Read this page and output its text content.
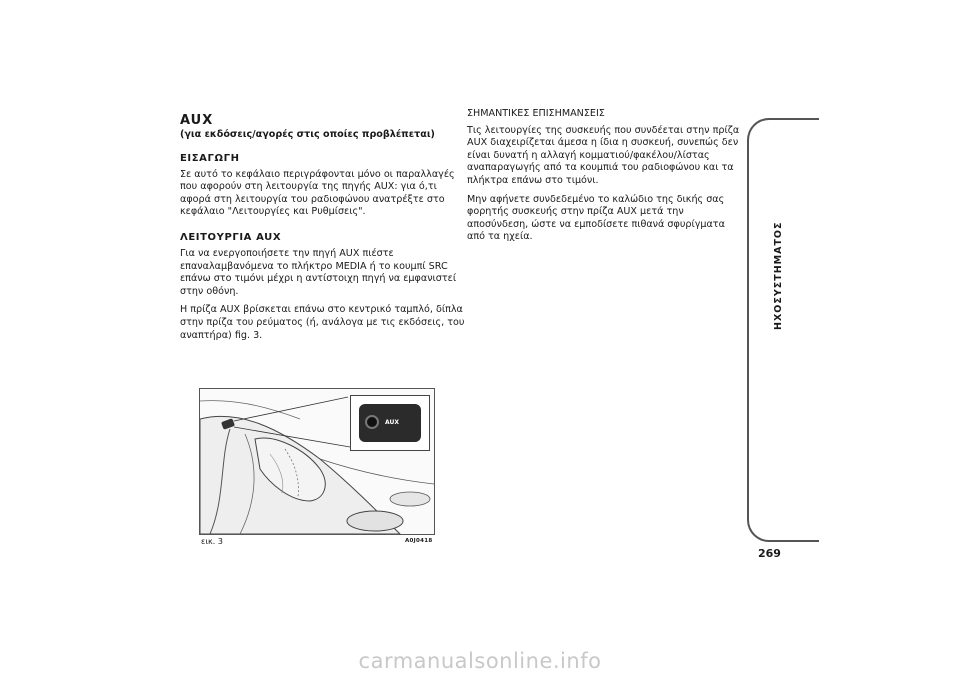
AUX
(για εκδόσεις/αγορές στις οποίες προβλέπεται)
ΕΙΣΑΓΩΓΗ

Σε αυτό το κεφάλαιο περιγράφονται μόνο οι παραλλαγές που αφορούν στη λειτουργία της πηγής AUX: για ό,τι αφορά στη λειτουργία του ραδιοφώνου ανατρέξτε στο κεφάλαιο "Λειτουργίες και Ρυθμίσεις".

ΛΕΙΤΟΥΡΓΙΑ AUX

Για να ενεργοποιήσετε την πηγή AUX πιέστε επαναλαμβανόμενα το πλήκτρο MEDIA ή το κουμπί SRC επάνω στο τιμόνι μέχρι η αντίστοιχη πηγή να εμφανιστεί στην οθόνη.

Η πρίζα AUX βρίσκεται επάνω στο κεντρικό ταμπλό, δίπλα στην πρίζα του ρεύματος (ή, ανάλογα με τις εκδόσεις, του αναπτήρα) fig. 3.

ΣΗΜΑΝΤΙΚΕΣ ΕΠΙΣΗΜΑΝΣΕΙΣ

Τις λειτουργίες της συσκευής που συνδέεται στην πρίζα AUX διαχειρίζεται άμεσα η ίδια η συσκευή, συνεπώς δεν είναι δυνατή η αλλαγή κομματιού/φακέλου/λίστας αναπαραγωγής από τα κουμπιά του ραδιοφώνου και τα πλήκτρα επάνω στο τιμόνι.

Μην αφήνετε συνδεδεμένο το καλώδιο της δικής σας φορητής συσκευής στην πρίζα AUX μετά την αποσύνδεση, ώστε να εμποδίσετε πιθανά σφυρίγματα από τα ηχεία.

AUX
εικ. 3	A0J0418
ΗΧΟΣΥΣΤΗΜΑΤΟΣ
269
carmanualsonline.info
